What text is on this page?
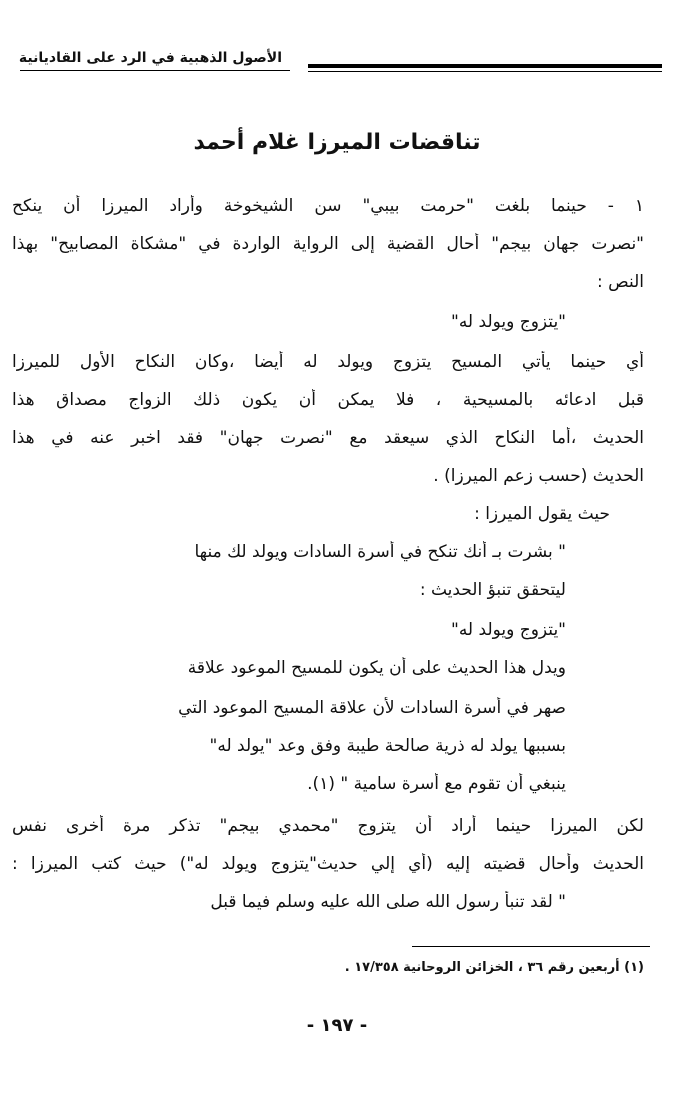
الأصول الذهبية في الرد على القاديانية
تناقضات الميرزا غلام أحمد
١ - حينما بلغت "حرمت بيبي" سن الشيخوخة وأراد الميرزا أن ينكح
"نصرت جهان بيجم" أحال القضية إلى الرواية الواردة في "مشكاة المصابيح" بهذا
النص :
"يتزوج ويولد له"
أي حينما يأتي المسيح يتزوج ويولد له أيضا ،وكان النكاح الأول للميرزا
قبل ادعائه بالمسيحية ، فلا يمكن أن يكون ذلك الزواج مصداق هذا
الحديث ،أما النكاح الذي سيعقد مع "نصرت جهان" فقد اخبر عنه في هذا
الحديث (حسب زعم الميرزا) .
حيث يقول الميرزا :
" بشرت بـ أنك تنكح في أسرة السادات ويولد لك منها
ليتحقق تنبؤ الحديث :
"يتزوج ويولد له"
ويدل هذا الحديث على أن يكون للمسيح الموعود علاقة
صهر في أسرة السادات لأن علاقة المسيح الموعود التي
بسببها يولد له ذرية صالحة طيبة وفق وعد "يولد له"
ينبغي أن تقوم مع أسرة سامية " (١).
لكن الميرزا حينما أراد أن يتزوج "محمدي بيجم" تذكر مرة أخرى نفس
الحديث وأحال قضيته إليه (أي إلي حديث"يتزوج ويولد له") حيث كتب الميرزا :
" لقد تنبأ رسول الله صلى الله عليه وسلم فيما قبل
(١) أربعين رقم ٣٦ ، الخزائن الروحانية ١٧/٣٥٨ .
- ١٩٧ -
